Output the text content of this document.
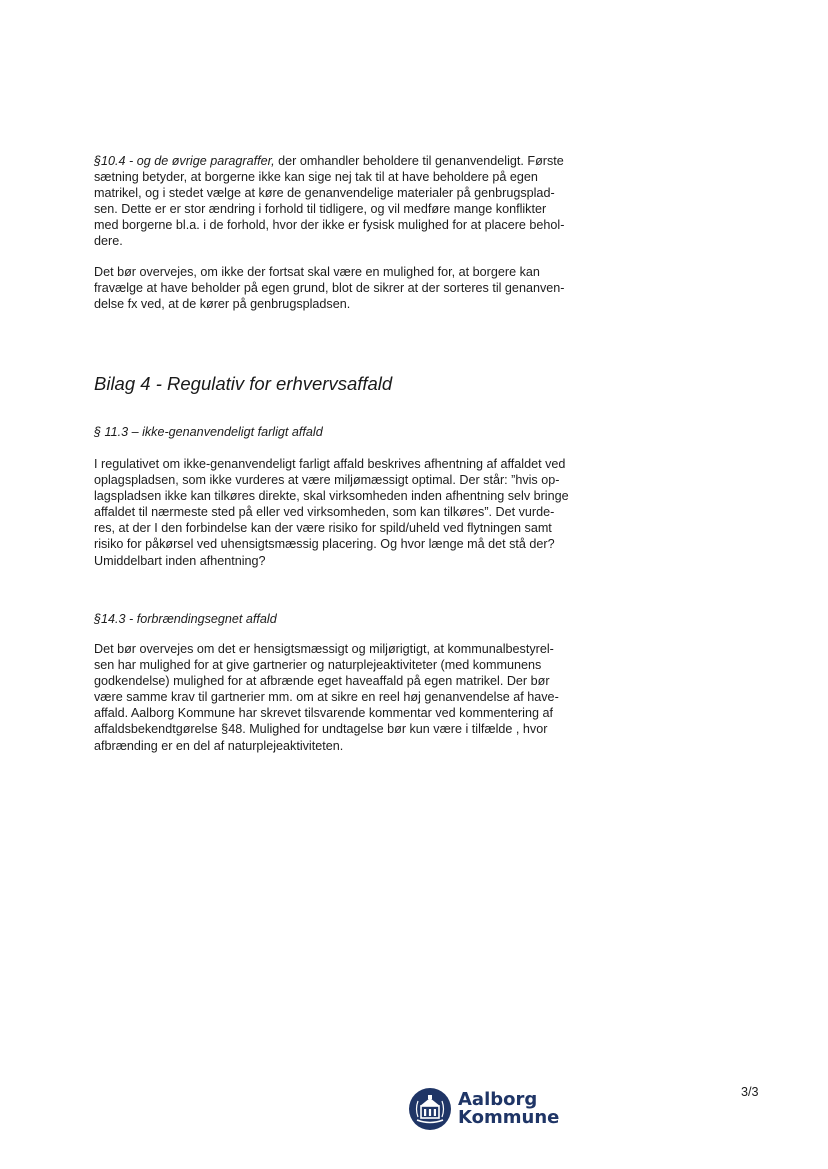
§10.4 - og de øvrige paragraffer, der omhandler beholdere til genanvendeligt. Første
sætning betyder, at borgerne ikke kan sige nej tak til at have beholdere på egen
matrikel, og i stedet vælge at køre de genanvendelige materialer på genbrugsplad-
sen. Dette er er stor ændring i forhold til tidligere, og vil medføre mange konflikter
med borgerne bl.a. i de forhold, hvor der ikke er fysisk mulighed for at placere behol-
dere.

Det bør overvejes, om ikke der fortsat skal være en mulighed for, at borgere kan
fravælge at have beholder på egen grund, blot de sikrer at der sorteres til genanven-
delse fx ved, at de kører på genbrugspladsen.

Bilag 4 - Regulativ for erhvervsaffald

§ 11.3 – ikke-genanvendeligt farligt affald

I regulativet om ikke-genanvendeligt farligt affald beskrives afhentning af affaldet ved
oplagspladsen, som ikke vurderes at være miljømæssigt optimal. Der står: ”hvis op-
lagspladsen ikke kan tilkøres direkte, skal virksomheden inden afhentning selv bringe
affaldet til nærmeste sted på eller ved virksomheden, som kan tilkøres”. Det vurde-
res, at der I den forbindelse kan der være risiko for spild/uheld ved flytningen samt
risiko for påkørsel ved uhensigtsmæssig placering. Og hvor længe må det stå der?
Umiddelbart inden afhentning?

§14.3 - forbrændingsegnet affald

Det bør overvejes om det er hensigtsmæssigt og miljørigtigt, at kommunalbestyrel-
sen har mulighed for at give gartnerier og naturplejeaktiviteter (med kommunens
godkendelse) mulighed for at afbrænde eget haveaffald på egen matrikel. Der bør
være samme krav til gartnerier mm. om at sikre en reel høj genanvendelse af have-
affald. Aalborg Kommune har skrevet tilsvarende kommentar ved kommentering af
affaldsbekendtgørelse §48. Mulighed for undtagelse bør kun være i tilfælde , hvor
afbrænding er en del af naturplejeaktiviteten.

Aalborg
Kommune
3/3
